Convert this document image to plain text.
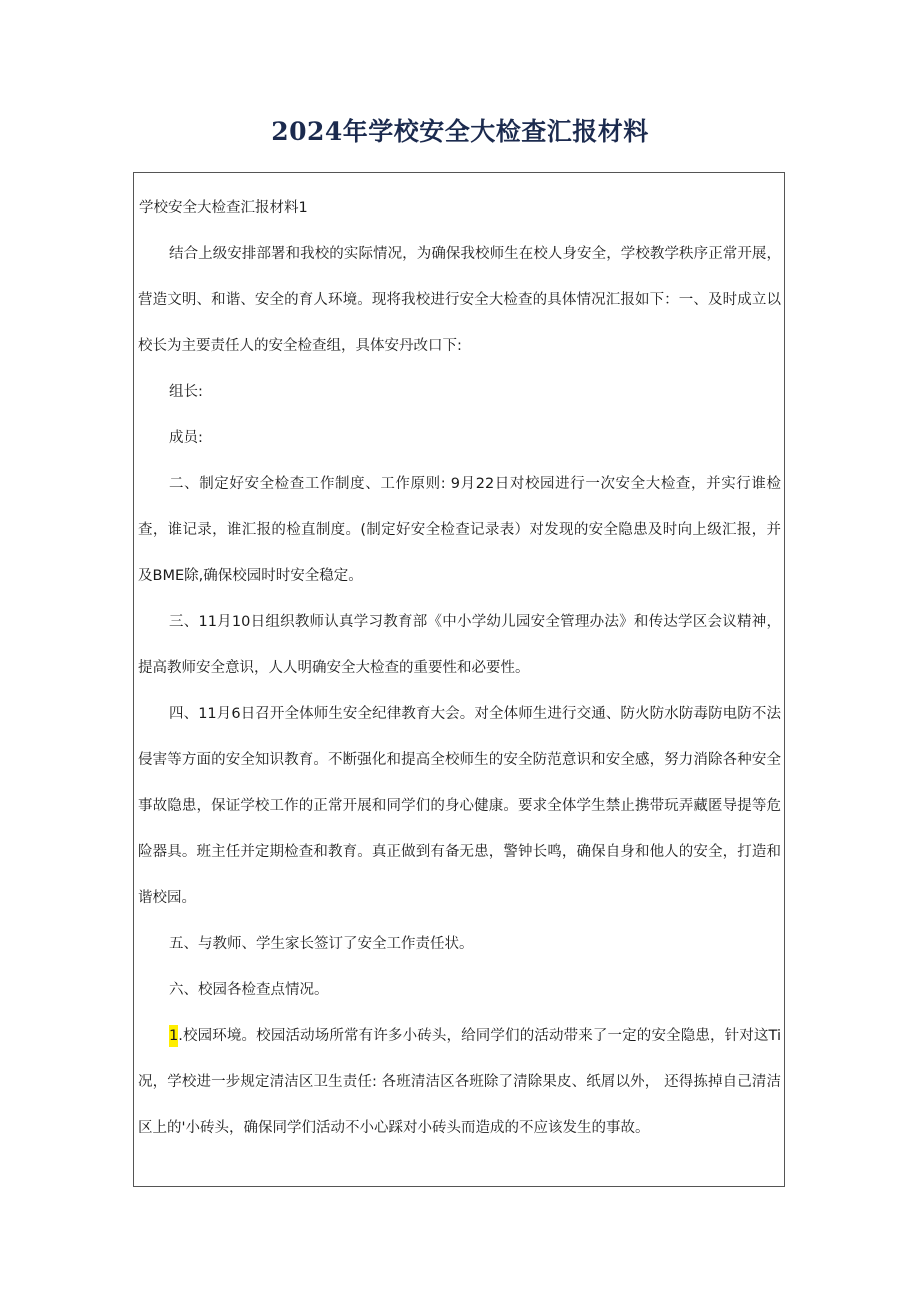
2024年学校安全大检查汇报材料

学校安全大检查汇报材料1

结合上级安排部署和我校的实际情况，为确保我校师生在校人身安全，学校教学秩序正常开展，营造文明、和谐、安全的育人环境。现将我校进行安全大检查的具体情况汇报如下：一、及时成立以校长为主要责任人的安全检查组，具体安丹改口下:

组长:

成员:

二、制定好安全检查工作制度、工作原则: 9月22日对校园进行一次安全大检查，并实行谁检查，谁记录，谁汇报的检直制度。(制定好安全检查记录表）对发现的安全隐患及时向上级汇报，并及BME除,确保校园时时安全稳定。

三、11月10日组织教师认真学习教育部《中小学幼儿园安全管理办法》和传达学区会议精神，提高教师安全意识，人人明确安全大检查的重要性和必要性。

四、11月6日召开全体师生安全纪律教育大会。对全体师生进行交通、防火防水防毒防电防不法侵害等方面的安全知识教育。不断强化和提高全校师生的安全防范意识和安全感，努力消除各种安全事故隐患，保证学校工作的正常开展和同学们的身心健康。要求全体学生禁止携带玩弄藏匿导提等危险器具。班主任并定期检查和教育。真正做到有备无患，警钟长鸣，确保自身和他人的安全，打造和谐校园。

五、与教师、学生家长签订了安全工作责任状。

六、校园各检查点情况。

1.校园环境。校园活动场所常有许多小砖头，给同学们的活动带来了一定的安全隐患，针对这Ti况，学校进一步规定清洁区卫生责任: 各班清洁区各班除了清除果皮、纸屑以外， 还得拣掉自己清洁区上的'小砖头，确保同学们活动不小心踩对小砖头而造成的不应该发生的事故。
